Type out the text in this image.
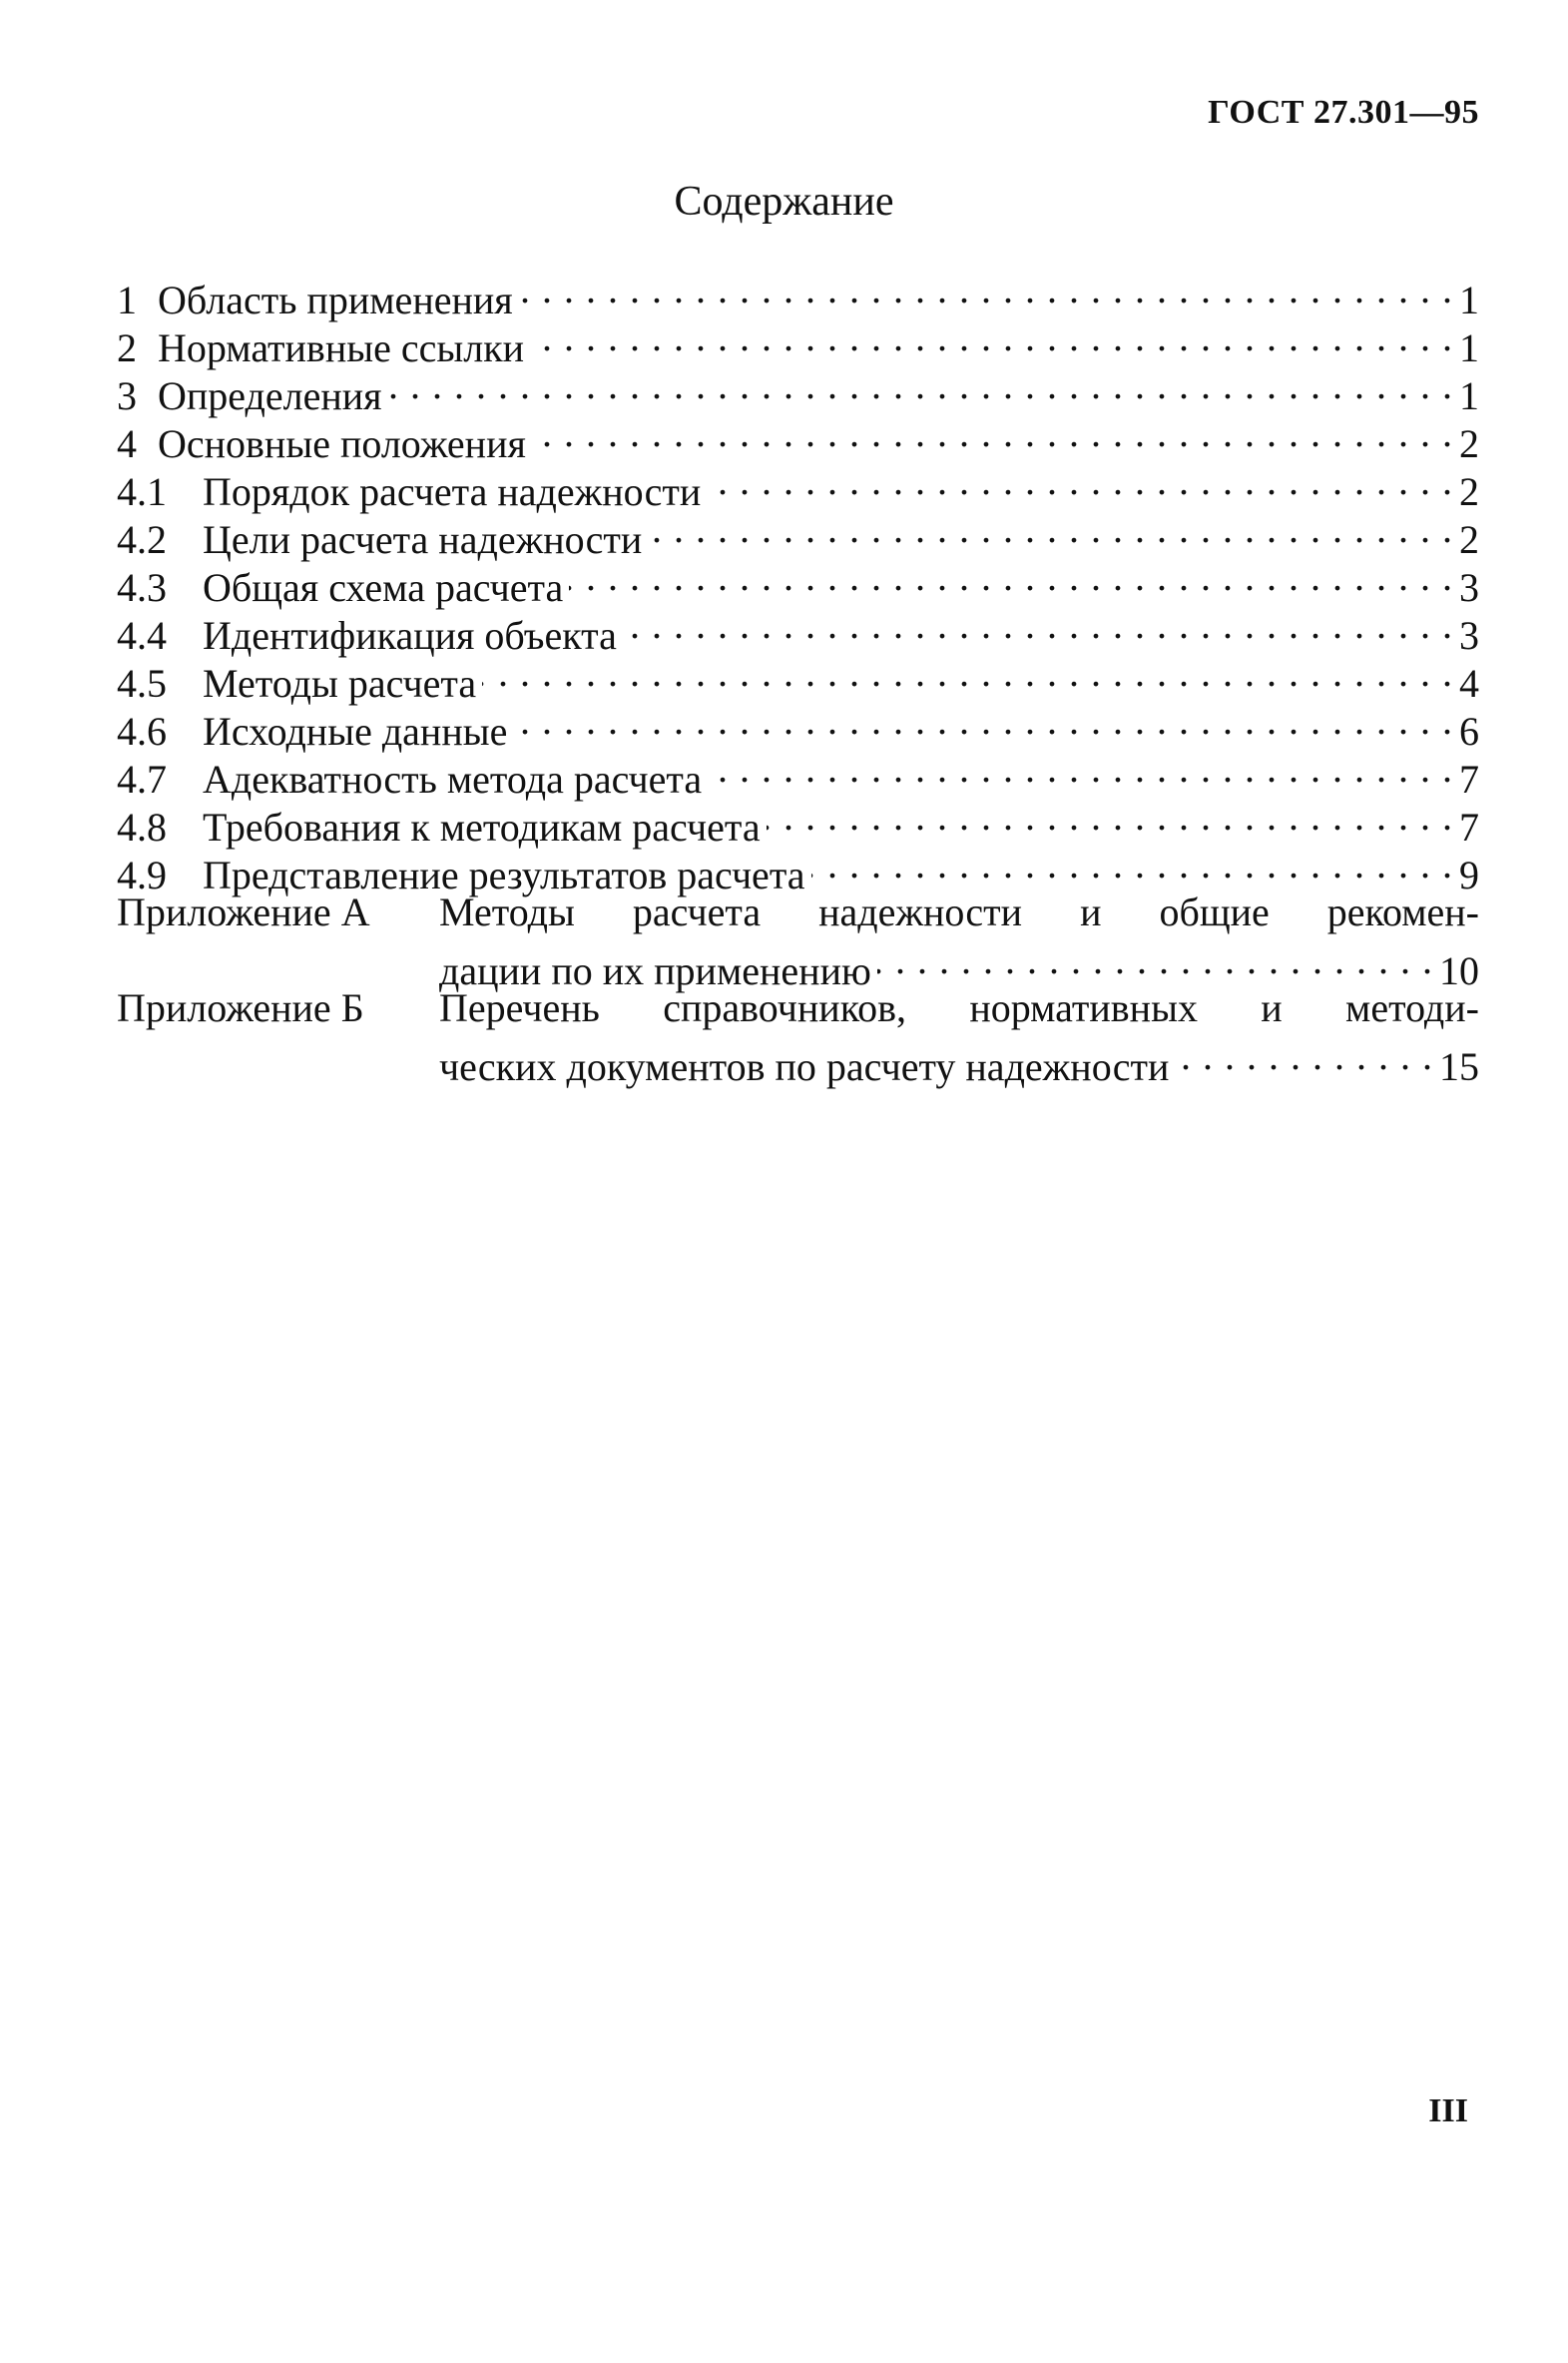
ГОСТ 27.301—95
Содержание
1 Область применения . . .	1
2 Нормативные ссылки . . .	1
3 Определения . . .	1
4 Основные положения . . .	2
4.1 Порядок расчета надежности . . .	2
4.2 Цели расчета надежности . . .	2
4.3 Общая схема расчета . . .	3
4.4 Идентификация объекта . . .	3
4.5 Методы расчета . . .	4
4.6 Исходные данные . . .	6
4.7 Адекватность метода расчета . . .	7
4.8 Требования к методикам расчета . . .	7
4.9 Представление результатов расчета . . .	9
Приложение А	Методы расчета надежности и общие рекомен-
дации по их применению . . .	10
Приложение Б	Перечень справочников, нормативных и методи-
ческих документов по расчету надежности . . .	15
III
